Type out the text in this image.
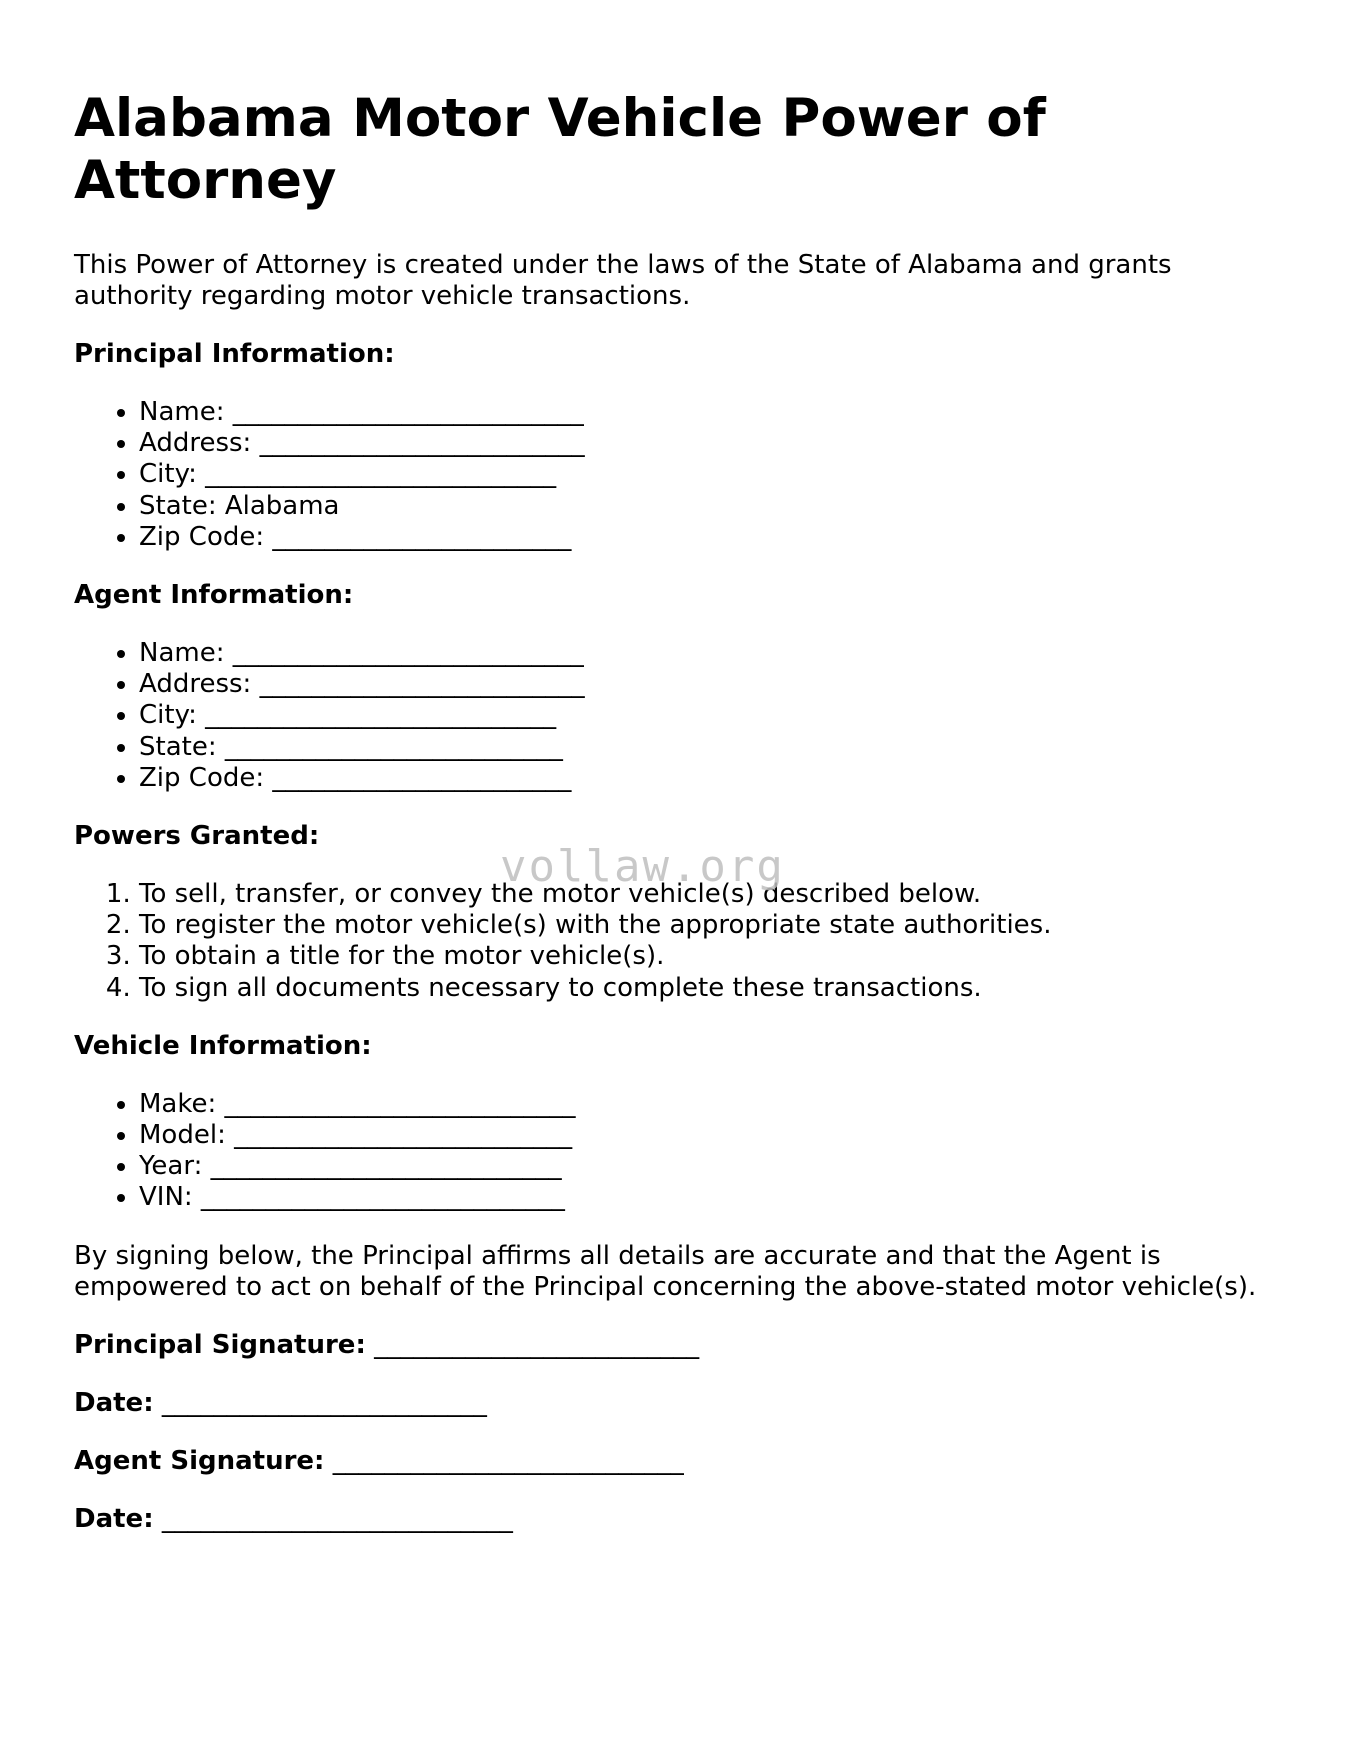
Alabama Motor Vehicle Power of Attorney

This Power of Attorney is created under the laws of the State of Alabama and grants authority regarding motor vehicle transactions.

Principal Information:
• Name: ___________________________
• Address: _________________________
• City: ___________________________
• State: Alabama
• Zip Code: _______________________
Agent Information:
• Name: ___________________________
• Address: _________________________
• City: ___________________________
• State: __________________________
• Zip Code: _______________________
Powers Granted:
1. To sell, transfer, or convey the motor vehicle(s) described below.
2. To register the motor vehicle(s) with the appropriate state authorities.
3. To obtain a title for the motor vehicle(s).
4. To sign all documents necessary to complete these transactions.
Vehicle Information:
• Make: ___________________________
• Model: __________________________
• Year: ___________________________
• VIN: ____________________________

By signing below, the Principal affirms all details are accurate and that the Agent is empowered to act on behalf of the Principal concerning the above-stated motor vehicle(s).

Principal Signature: _________________________
Date: _________________________
Agent Signature: ___________________________
Date: ___________________________
vollaw.org
